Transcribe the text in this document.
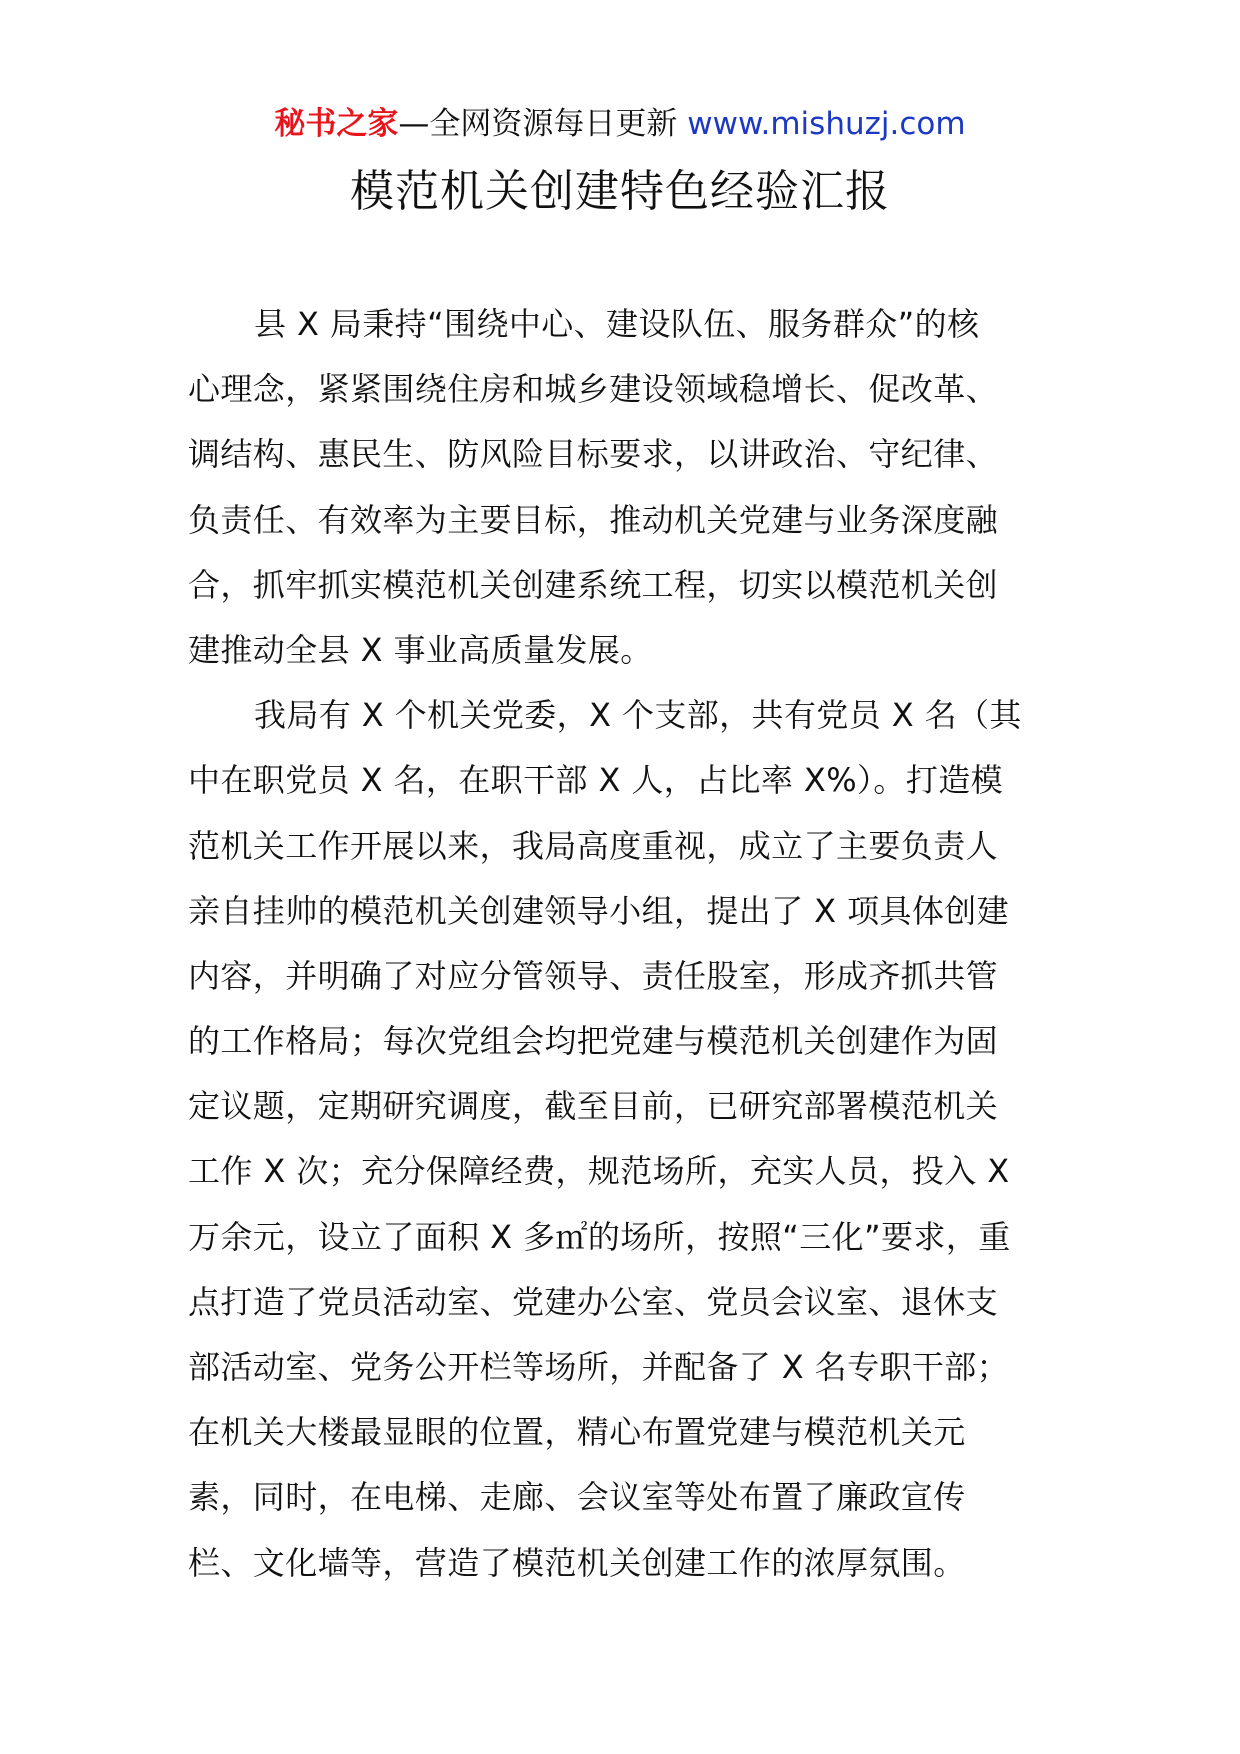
秘书之家—全网资源每日更新 www.mishuzj.com
模范机关创建特色经验汇报
县 X 局秉持“围绕中心、建设队伍、服务群众”的核
心理念，紧紧围绕住房和城乡建设领域稳增长、促改革、
调结构、惠民生、防风险目标要求，以讲政治、守纪律、
负责任、有效率为主要目标，推动机关党建与业务深度融
合，抓牢抓实模范机关创建系统工程，切实以模范机关创
建推动全县 X 事业高质量发展。
我局有 X 个机关党委，X 个支部，共有党员 X 名（其
中在职党员 X 名，在职干部 X 人，占比率 X%）。打造模
范机关工作开展以来，我局高度重视，成立了主要负责人
亲自挂帅的模范机关创建领导小组，提出了 X 项具体创建
内容，并明确了对应分管领导、责任股室，形成齐抓共管
的工作格局；每次党组会均把党建与模范机关创建作为固
定议题，定期研究调度，截至目前，已研究部署模范机关
工作 X 次；充分保障经费，规范场所，充实人员，投入 X
万余元，设立了面积 X 多㎡的场所，按照“三化”要求，重
点打造了党员活动室、党建办公室、党员会议室、退休支
部活动室、党务公开栏等场所，并配备了 X 名专职干部；
在机关大楼最显眼的位置，精心布置党建与模范机关元
素，同时，在电梯、走廊、会议室等处布置了廉政宣传
栏、文化墙等，营造了模范机关创建工作的浓厚氛围。
